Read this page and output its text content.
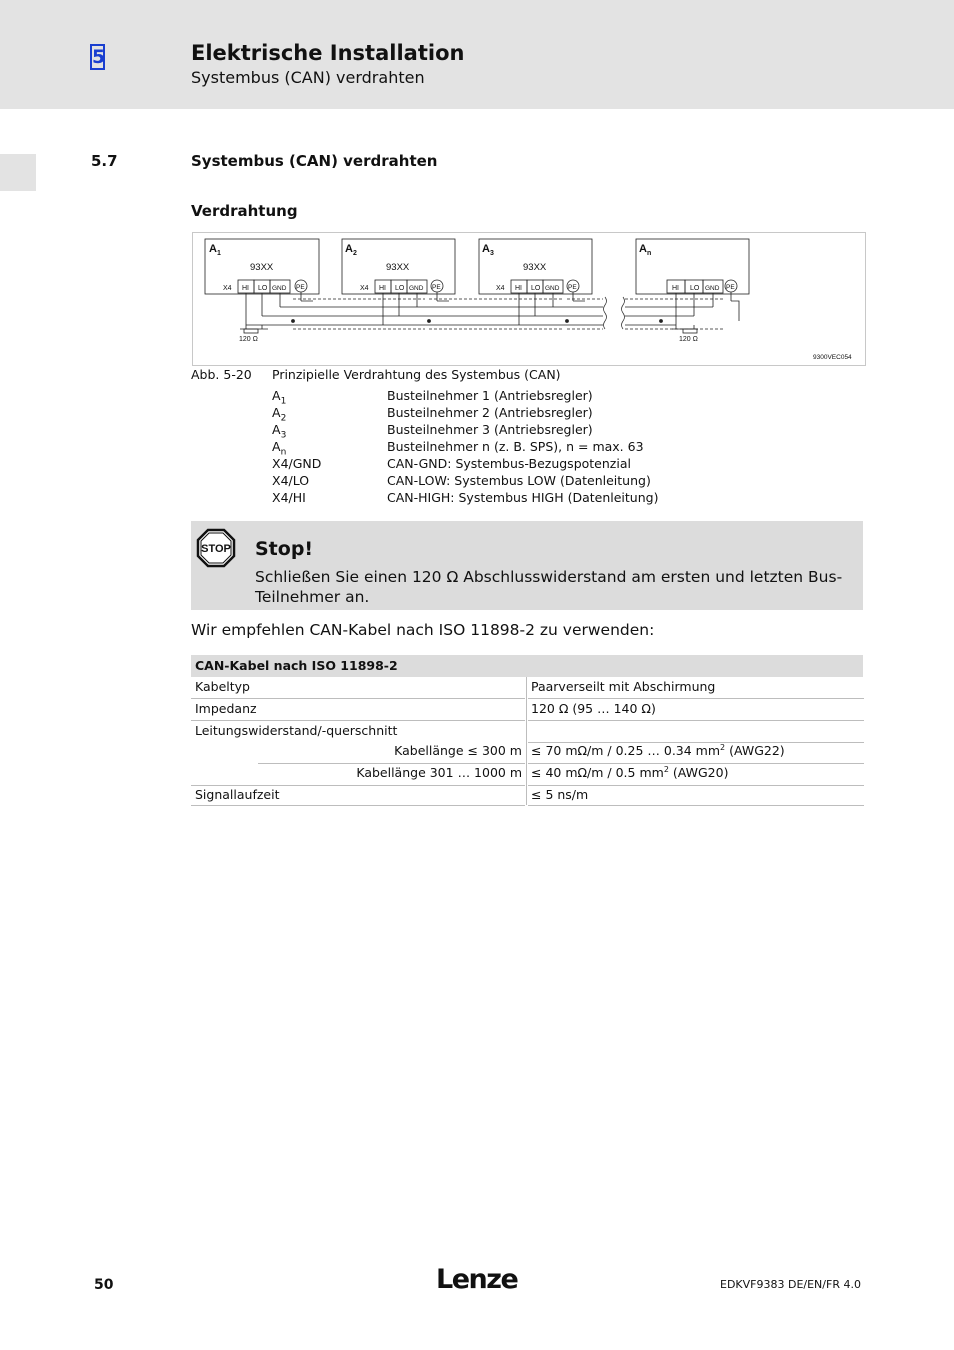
5	Elektrische Installation
Systembus (CAN) verdrahten
5.7	Systembus (CAN) verdrahten
Verdrahtung
A 1
93XX
X4 HI LO GND PE
A 2
93XX
X4 HI LO GND PE
A 3
93XX
X4 HI LO GND PE
A n
HI LO GND PE
120 Ω	120 Ω
9300VEC054
Abb. 5-20 Prinzipielle Verdrahtung des Systembus (CAN)
$A_1$	Busteilnehmer 1 (Antriebsregler)
$A_2$	Busteilnehmer 2 (Antriebsregler)
$A_3$	Busteilnehmer 3 (Antriebsregler)
$A_n$	Busteilnehmer n (z. B. SPS), n = max. 63
X4/GND	CAN-GND: Systembus-Bezugspotenzial
X4/LO	CAN-LOW: Systembus LOW (Datenleitung)
X4/HI	CAN-HIGH: Systembus HIGH (Datenleitung)
STOP Stop!
Schließen Sie einen 120 Ω Abschlusswiderstand am ersten und letzten Bus-Teilnehmer an.
Wir empfehlen CAN-Kabel nach ISO 11898-2 zu verwenden:
CAN-Kabel nach ISO 11898-2
Kabeltyp	Paarverseilt mit Abschirmung
Impedanz	120 Ω (95 … 140 Ω)
Leitungswiderstand/-querschnitt
Kabellänge ≤ 300 m ≤ 70 mΩ/m / 0.25 … 0.34 $mm^2$ (AWG22)
Kabellänge 301 … 1000 m ≤ 40 mΩ/m / 0.5 $mm^2$ (AWG20)
Signallaufzeit	≤ 5 ns/m
50	Lenze	EDKVF9383 DE/EN/FR 4.0
